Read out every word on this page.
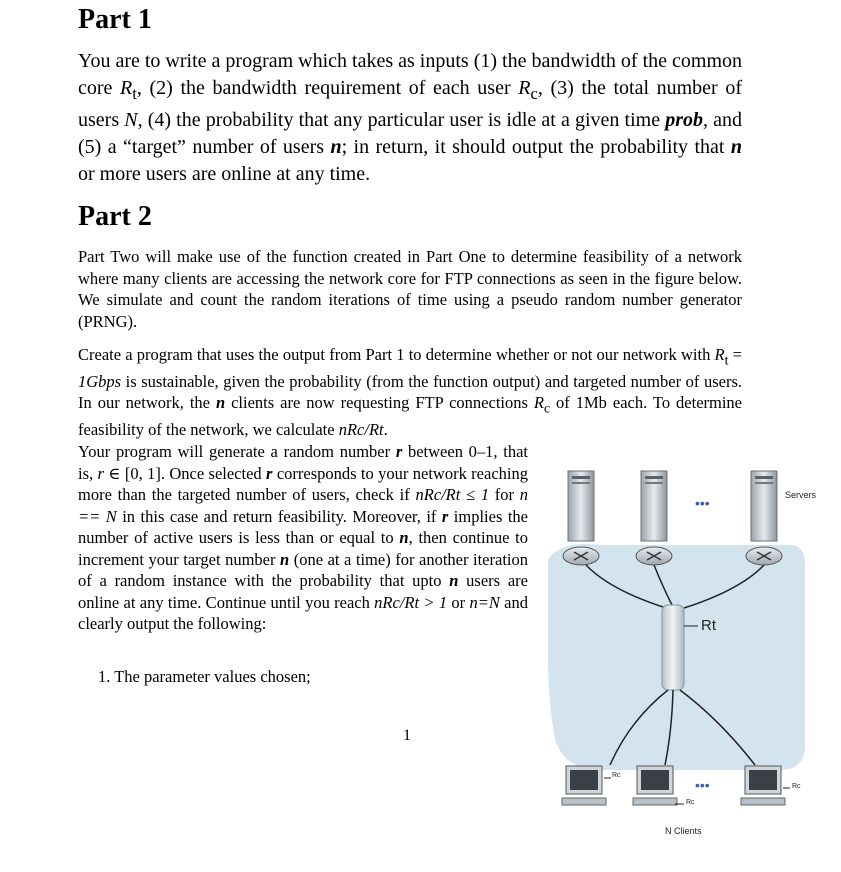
Part 1

You are to write a program which takes as inputs (1) the bandwidth of the common core $R_t$, (2) the bandwidth requirement of each user $R_c$, (3) the total number of users N, (4) the probability that any particular user is idle at a given time prob, and (5) a “target” number of users n; in return, it should output the probability that n or more users are online at any time.

Part 2

Part Two will make use of the function created in Part One to determine feasibility of a network where many clients are accessing the network core for FTP connections as seen in the figure below. We simulate and count the random iterations of time using a pseudo random number generator (PRNG).

Create a program that uses the output from Part 1 to determine whether or not our network with $R_t$ = 1Gbps is sustainable, given the probability (from the function output) and targeted number of users. In our network, the n clients are now requesting FTP connections $R_c$ of 1Mb each. To determine feasibility of the network, we calculate nRc/Rt.

Your program will generate a random number r between 0–1, that is, r ∈ [0, 1]. Once selected r corresponds to your network reaching more than the targeted number of users, check if nRc/Rt ≤ 1 for n == N in this case and return feasibility. Moreover, if r implies the number of active users is less than or equal to n, then continue to increment your target number n (one at a time) for another iteration of a random instance with the probability that upto n users are online at any time. Continue until you reach nRc/Rt > 1 or n=N and clearly output the following:

1. The parameter values chosen;
1
•••
•••
Servers
Rt
Rc
Rc
Rc
N Clients
